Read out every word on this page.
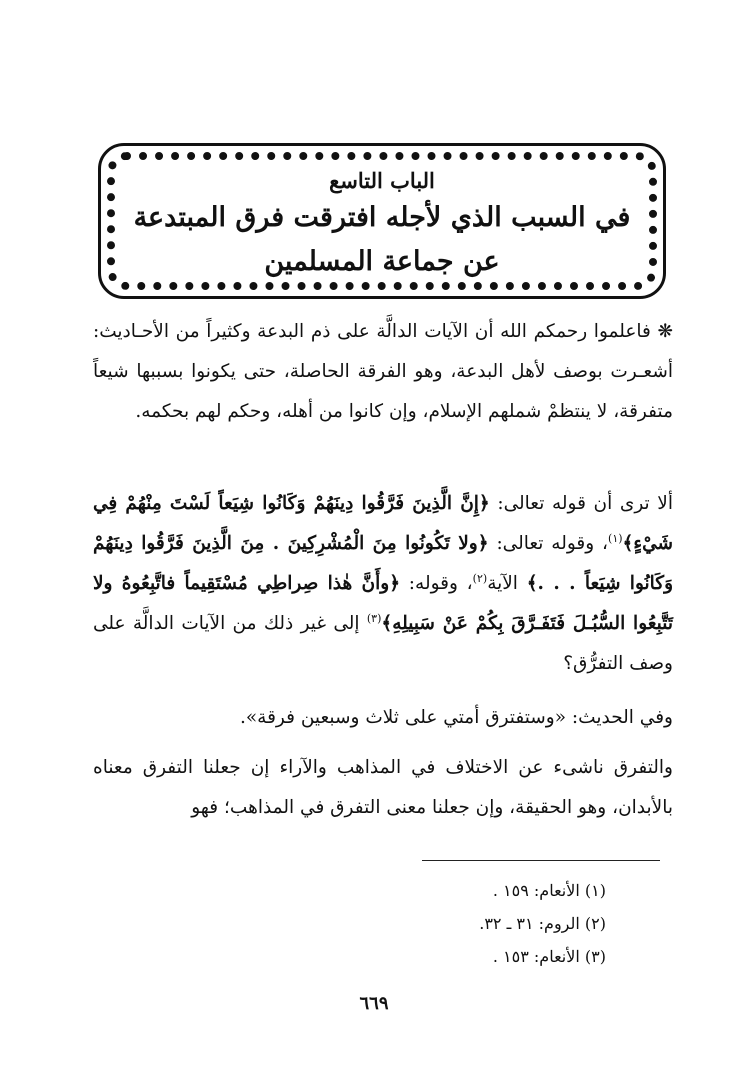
الباب التاسع
في السبب الذي لأجله افترقت فرق المبتدعة
عن جماعة المسلمين
❋ فاعلموا رحمكم الله أن الآيات الدالَّة على ذم البدعة وكثيراً من الأحـاديث: أشعـرت بوصف لأهل البدعة، وهو الفرقة الحاصلة، حتى يكونوا بسببها شيعاً متفرقة، لا ينتظمْ شملهم الإسلام، وإن كانوا من أهله، وحكم لهم بحكمه.
ألا ترى أن قوله تعالى: ﴿إِنَّ الَّذِينَ فَرَّقُوا دِينَهُمْ وَكَانُوا شِيَعاً لَسْتَ مِنْهُمْ فِي شَيْءٍ﴾$^{(١)}$، وقوله تعالى: ﴿ولا تَكُونُوا مِنَ الْمُشْرِكِينَ . مِنَ الَّذِينَ فَرَّقُوا دِينَهُمْ وَكَانُوا شِيَعاً . . .﴾ الآية$^{(٢)}$، وقوله: ﴿وأَنَّ هٰذا صِراطِي مُسْتَقِيماً فاتَّبِعُوهُ ولا تَتَّبِعُوا السُّبُـلَ فَتَفَـرَّقَ بِكُمْ عَنْ سَبِيلِهِ﴾$^{(٣)}$ إلى غير ذلك من الآيات الدالَّة على وصف التفرُّق؟
وفي الحديث: «وستفترق أمتي على ثلاث وسبعين فرقة».
والتفرق ناشىء عن الاختلاف في المذاهب والآراء إن جعلنا التفرق معناه بالأبدان، وهو الحقيقة، وإن جعلنا معنى التفرق في المذاهب؛ فهو
(١) الأنعام: ١٥٩ .
(٢) الروم: ٣١ ـ ٣٢.
(٣) الأنعام: ١٥٣ .
٦٦٩
